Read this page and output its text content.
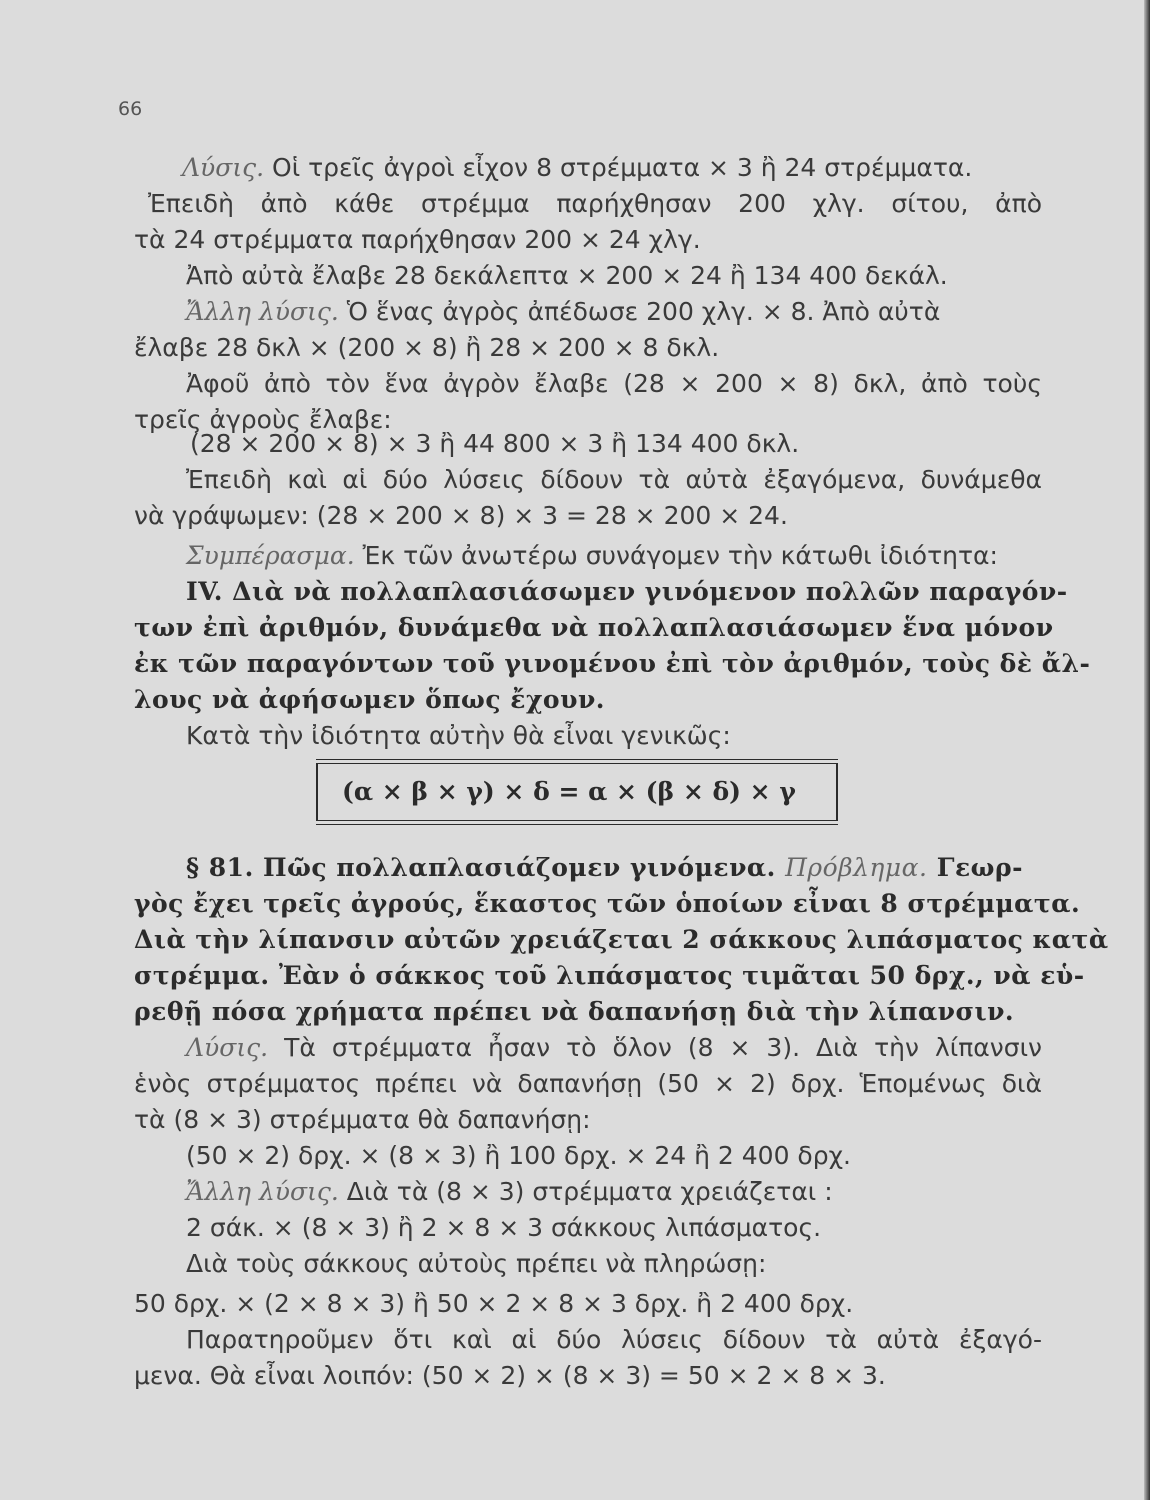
66
Λύσις. Οἱ τρεῖς ἀγροὶ εἶχον 8 στρέμματα × 3 ἢ 24 στρέμματα.
Ἐπειδὴ ἀπὸ κάθε στρέμμα παρήχθησαν 200 χλγ. σίτου, ἀπὸ
τὰ 24 στρέμματα παρήχθησαν 200 × 24 χλγ.
Ἀπὸ αὐτὰ ἔλαβε 28 δεκάλεπτα × 200 × 24 ἢ 134 400 δεκάλ.
Ἄλλη λύσις. Ὁ ἕνας ἀγρὸς ἀπέδωσε 200 χλγ. × 8. Ἀπὸ αὐτὰ
ἔλαβε 28 δκλ × (200 × 8) ἢ 28 × 200 × 8 δκλ.
Ἀφοῦ ἀπὸ τὸν ἕνα ἀγρὸν ἔλαβε (28 × 200 × 8) δκλ, ἀπὸ τοὺς
τρεῖς ἀγροὺς ἔλαβε:
(28 × 200 × 8) × 3 ἢ 44 800 × 3 ἢ 134 400 δκλ.
Ἐπειδὴ καὶ αἱ δύο λύσεις δίδουν τὰ αὐτὰ ἐξαγόμενα, δυνάμεθα
νὰ γράψωμεν: (28 × 200 × 8) × 3 = 28 × 200 × 24.
Συμπέρασμα. Ἐκ τῶν ἀνωτέρω συνάγομεν τὴν κάτωθι ἰδιότητα:
IV. Διὰ νὰ πολλαπλασιάσωμεν γινόμενον πολλῶν παραγόν-
των ἐπὶ ἀριθμόν, δυνάμεθα νὰ πολλαπλασιάσωμεν ἕνα μόνον
ἐκ τῶν παραγόντων τοῦ γινομένου ἐπὶ τὸν ἀριθμόν, τοὺς δὲ ἄλ-
λους νὰ ἀφήσωμεν ὅπως ἔχουν.
Κατὰ τὴν ἰδιότητα αὐτὴν θὰ εἶναι γενικῶς:
(α × β × γ) × δ = α × (β × δ) × γ
§ 81. Πῶς πολλαπλασιάζομεν γινόμενα. Πρόβλημα. Γεωρ-
γὸς ἔχει τρεῖς ἀγρούς, ἕκαστος τῶν ὁποίων εἶναι 8 στρέμματα.
Διὰ τὴν λίπανσιν αὐτῶν χρειάζεται 2 σάκκους λιπάσματος κατὰ
στρέμμα. Ἐὰν ὁ σάκκος τοῦ λιπάσματος τιμᾶται 50 δρχ., νὰ εὑ-
ρεθῇ πόσα χρήματα πρέπει νὰ δαπανήσῃ διὰ τὴν λίπανσιν.
Λύσις. Τὰ στρέμματα ἦσαν τὸ ὅλον (8 × 3). Διὰ τὴν λίπανσιν
ἑνὸς στρέμματος πρέπει νὰ δαπανήσῃ (50 × 2) δρχ. Ἑπομένως διὰ
τὰ (8 × 3) στρέμματα θὰ δαπανήσῃ:
(50 × 2) δρχ. × (8 × 3) ἢ 100 δρχ. × 24 ἢ 2 400 δρχ.
Ἄλλη λύσις. Διὰ τὰ (8 × 3) στρέμματα χρειάζεται :
2 σάκ. × (8 × 3) ἢ 2 × 8 × 3 σάκκους λιπάσματος.
Διὰ τοὺς σάκκους αὐτοὺς πρέπει νὰ πληρώσῃ:
50 δρχ. × (2 × 8 × 3) ἢ 50 × 2 × 8 × 3 δρχ. ἢ 2 400 δρχ.
Παρατηροῦμεν ὅτι καὶ αἱ δύο λύσεις δίδουν τὰ αὐτὰ ἐξαγό-
μενα. Θὰ εἶναι λοιπόν: (50 × 2) × (8 × 3) = 50 × 2 × 8 × 3.
